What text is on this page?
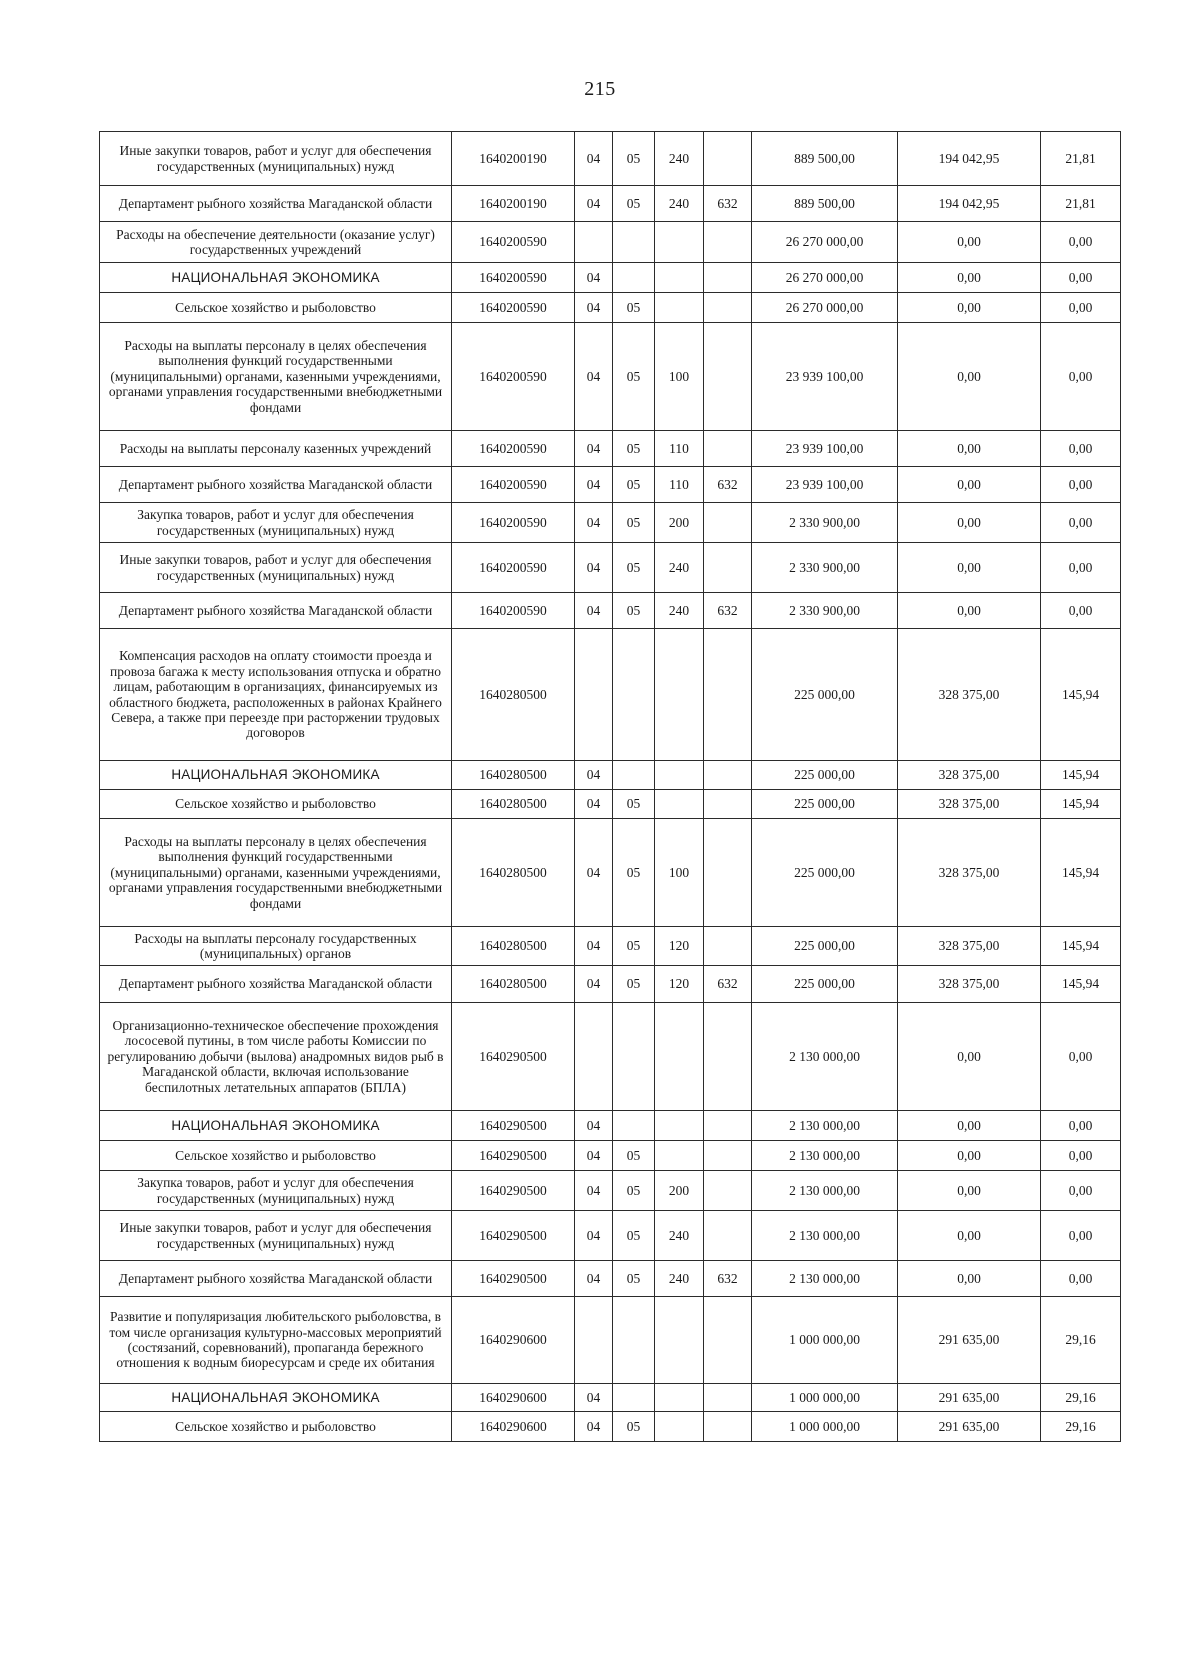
215
Иные закупки товаров, работ и услуг для обеспечения государственных (муниципальных) нужд	1640200190	04	05	240		889 500,00	194 042,95	21,81
Департамент рыбного хозяйства Магаданской области	1640200190	04	05	240	632	889 500,00	194 042,95	21,81
Расходы на обеспечение деятельности (оказание услуг) государственных учреждений	1640200590					26 270 000,00	0,00	0,00
НАЦИОНАЛЬНАЯ ЭКОНОМИКА	1640200590	04				26 270 000,00	0,00	0,00
Сельское хозяйство и рыболовство	1640200590	04	05			26 270 000,00	0,00	0,00
Расходы на выплаты персоналу в целях обеспечения выполнения функций государственными (муниципальными) органами, казенными учреждениями, органами управления государственными внебюджетными фондами	1640200590	04	05	100		23 939 100,00	0,00	0,00
Расходы на выплаты персоналу казенных учреждений	1640200590	04	05	110		23 939 100,00	0,00	0,00
Департамент рыбного хозяйства Магаданской области	1640200590	04	05	110	632	23 939 100,00	0,00	0,00
Закупка товаров, работ и услуг для обеспечения государственных (муниципальных) нужд	1640200590	04	05	200		2 330 900,00	0,00	0,00
Иные закупки товаров, работ и услуг для обеспечения государственных (муниципальных) нужд	1640200590	04	05	240		2 330 900,00	0,00	0,00
Департамент рыбного хозяйства Магаданской области	1640200590	04	05	240	632	2 330 900,00	0,00	0,00
Компенсация расходов на оплату стоимости проезда и провоза багажа к месту использования отпуска и обратно лицам, работающим в организациях, финансируемых из областного бюджета, расположенных в районах Крайнего Севера, а также при переезде при расторжении трудовых договоров	1640280500					225 000,00	328 375,00	145,94
НАЦИОНАЛЬНАЯ ЭКОНОМИКА	1640280500	04				225 000,00	328 375,00	145,94
Сельское хозяйство и рыболовство	1640280500	04	05			225 000,00	328 375,00	145,94
Расходы на выплаты персоналу в целях обеспечения выполнения функций государственными (муниципальными) органами, казенными учреждениями, органами управления государственными внебюджетными фондами	1640280500	04	05	100		225 000,00	328 375,00	145,94
Расходы на выплаты персоналу государственных (муниципальных) органов	1640280500	04	05	120		225 000,00	328 375,00	145,94
Департамент рыбного хозяйства Магаданской области	1640280500	04	05	120	632	225 000,00	328 375,00	145,94
Организационно-техническое обеспечение прохождения лососевой путины, в том числе работы Комиссии по регулированию добычи (вылова) анадромных видов рыб в Магаданской области, включая использование беспилотных летательных аппаратов (БПЛА)	1640290500					2 130 000,00	0,00	0,00
НАЦИОНАЛЬНАЯ ЭКОНОМИКА	1640290500	04				2 130 000,00	0,00	0,00
Сельское хозяйство и рыболовство	1640290500	04	05			2 130 000,00	0,00	0,00
Закупка товаров, работ и услуг для обеспечения государственных (муниципальных) нужд	1640290500	04	05	200		2 130 000,00	0,00	0,00
Иные закупки товаров, работ и услуг для обеспечения государственных (муниципальных) нужд	1640290500	04	05	240		2 130 000,00	0,00	0,00
Департамент рыбного хозяйства Магаданской области	1640290500	04	05	240	632	2 130 000,00	0,00	0,00
Развитие и популяризация любительского рыболовства, в том числе организация культурно-массовых мероприятий (состязаний, соревнований), пропаганда бережного отношения к водным биоресурсам и среде их обитания	1640290600					1 000 000,00	291 635,00	29,16
НАЦИОНАЛЬНАЯ ЭКОНОМИКА	1640290600	04				1 000 000,00	291 635,00	29,16
Сельское хозяйство и рыболовство	1640290600	04	05			1 000 000,00	291 635,00	29,16
